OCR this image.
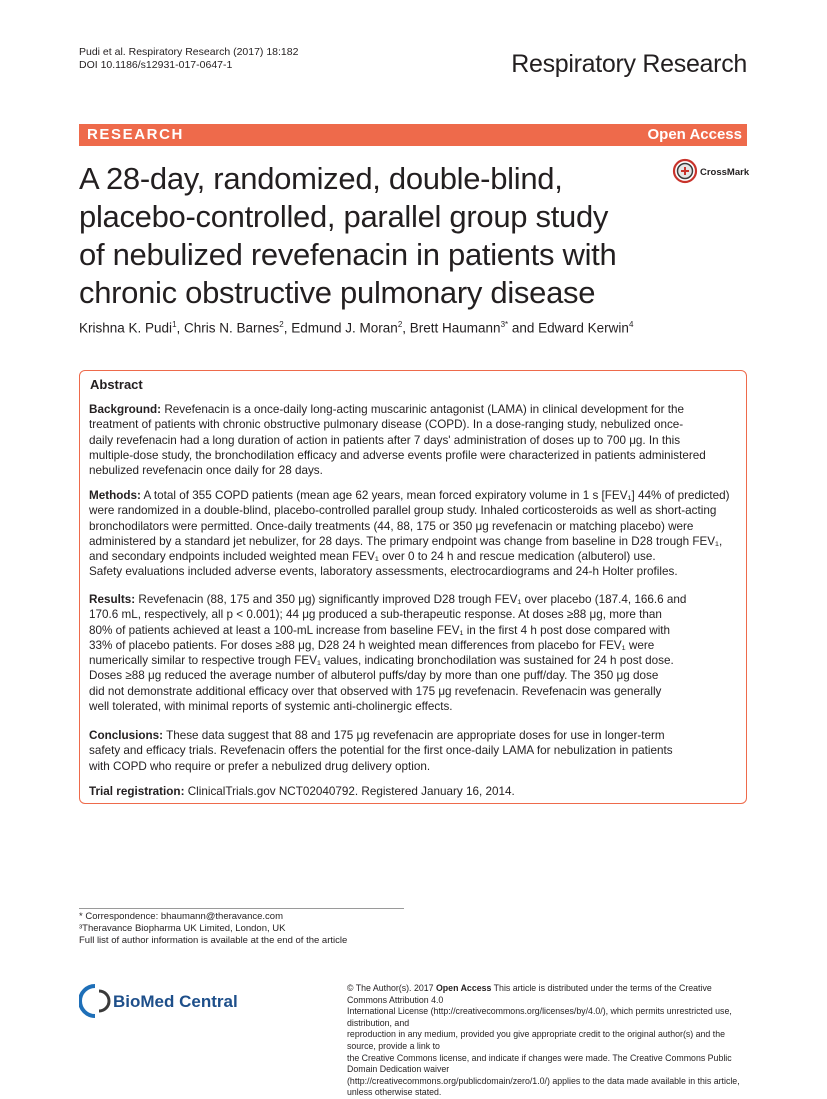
Pudi et al. Respiratory Research (2017) 18:182
DOI 10.1186/s12931-017-0647-1	Respiratory Research
RESEARCH	Open Access
A 28-day, randomized, double-blind,
placebo-controlled, parallel group study
of nebulized revefenacin in patients with
chronic obstructive pulmonary disease
CrossMark
Krishna K. Pudi$^1$, Chris N. Barnes$^2$, Edmund J. Moran$^2$, Brett Haumann$^{3*}$ and Edward Kerwin$^4$
Abstract
Background: Revefenacin is a once-daily long-acting muscarinic antagonist (LAMA) in clinical development for the
treatment of patients with chronic obstructive pulmonary disease (COPD). In a dose-ranging study, nebulized once-
daily revefenacin had a long duration of action in patients after 7 days' administration of doses up to 700 μg. In this
multiple-dose study, the bronchodilation efficacy and adverse events profile were characterized in patients administered
nebulized revefenacin once daily for 28 days.
Methods: A total of 355 COPD patients (mean age 62 years, mean forced expiratory volume in 1 s [FEV₁] 44% of predicted)
were randomized in a double-blind, placebo-controlled parallel group study. Inhaled corticosteroids as well as short-acting
bronchodilators were permitted. Once-daily treatments (44, 88, 175 or 350 μg revefenacin or matching placebo) were
administered by a standard jet nebulizer, for 28 days. The primary endpoint was change from baseline in D28 trough FEV₁,
and secondary endpoints included weighted mean FEV₁ over 0 to 24 h and rescue medication (albuterol) use.
Safety evaluations included adverse events, laboratory assessments, electrocardiograms and 24-h Holter profiles.
Results: Revefenacin (88, 175 and 350 μg) significantly improved D28 trough FEV₁ over placebo (187.4, 166.6 and
170.6 mL, respectively, all p < 0.001); 44 μg produced a sub-therapeutic response. At doses ≥88 μg, more than
80% of patients achieved at least a 100-mL increase from baseline FEV₁ in the first 4 h post dose compared with
33% of placebo patients. For doses ≥88 μg, D28 24 h weighted mean differences from placebo for FEV₁ were
numerically similar to respective trough FEV₁ values, indicating bronchodilation was sustained for 24 h post dose.
Doses ≥88 μg reduced the average number of albuterol puffs/day by more than one puff/day. The 350 μg dose
did not demonstrate additional efficacy over that observed with 175 μg revefenacin. Revefenacin was generally
well tolerated, with minimal reports of systemic anti-cholinergic effects.
Conclusions: These data suggest that 88 and 175 μg revefenacin are appropriate doses for use in longer-term
safety and efficacy trials. Revefenacin offers the potential for the first once-daily LAMA for nebulization in patients
with COPD who require or prefer a nebulized drug delivery option.
Trial registration: ClinicalTrials.gov NCT02040792. Registered January 16, 2014.
* Correspondence: bhaumann@theravance.com
³Theravance Biopharma UK Limited, London, UK
Full list of author information is available at the end of the article
BioMed Central
© The Author(s). 2017 Open Access This article is distributed under the terms of the Creative Commons Attribution 4.0
International License (http://creativecommons.org/licenses/by/4.0/), which permits unrestricted use, distribution, and
reproduction in any medium, provided you give appropriate credit to the original author(s) and the source, provide a link to
the Creative Commons license, and indicate if changes were made. The Creative Commons Public Domain Dedication waiver
(http://creativecommons.org/publicdomain/zero/1.0/) applies to the data made available in this article, unless otherwise stated.
